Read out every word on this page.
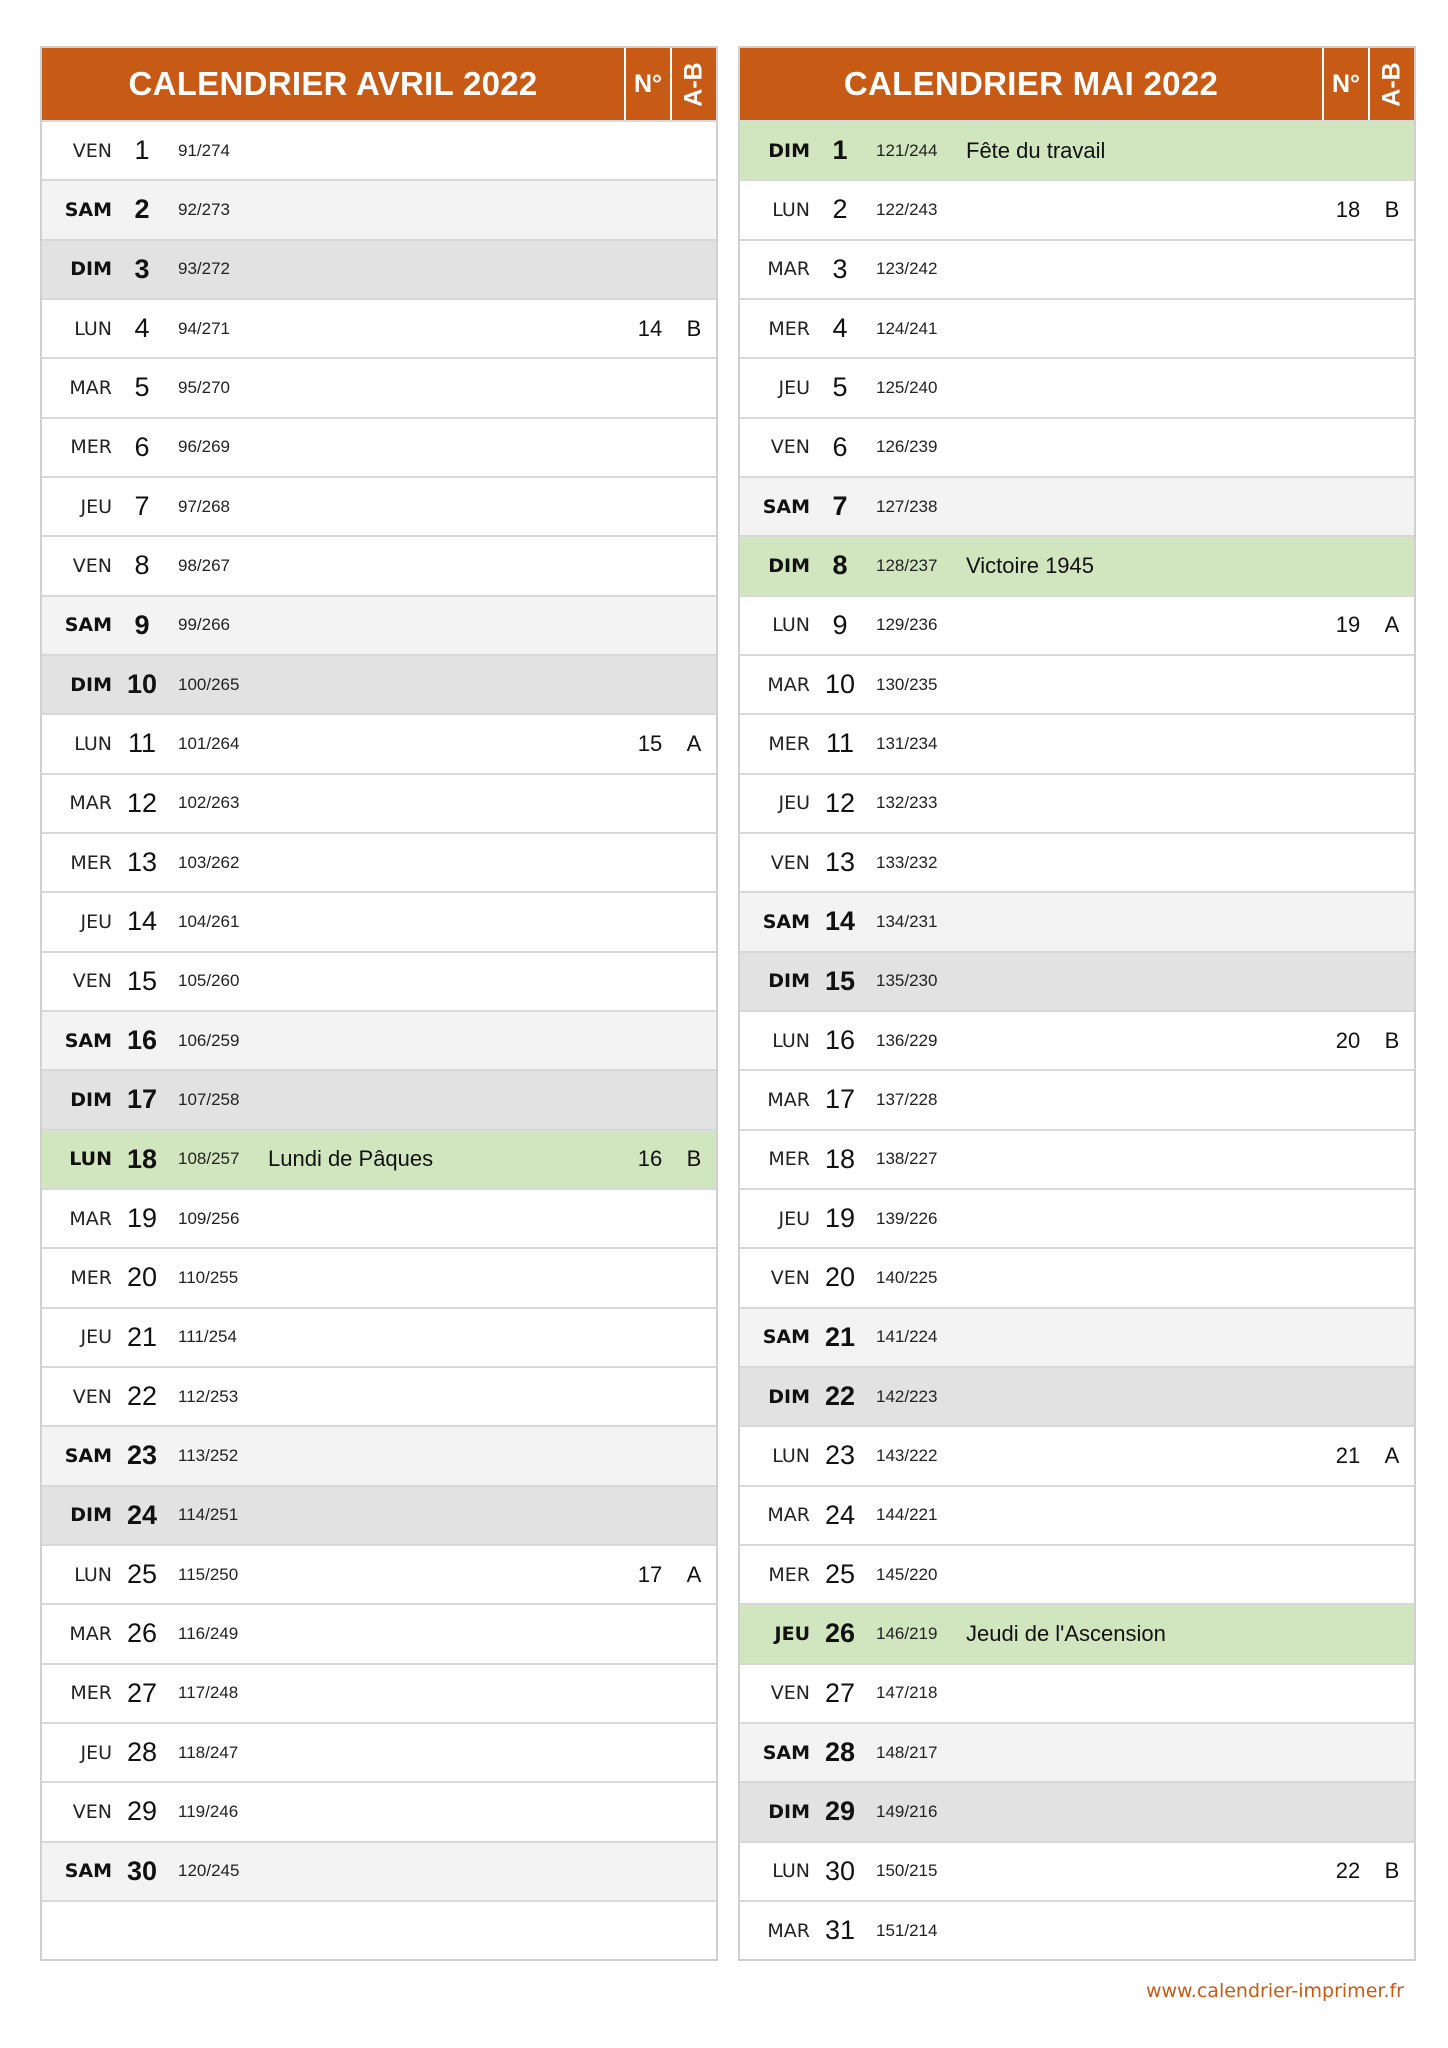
CALENDRIER AVRIL 2022	N° A-B
VEN 1	91/274
SAM 2	92/273
DIM 3	93/272
LUN 4	94/271	14	B
MAR 5	95/270
MER 6	96/269
JEU 7	97/268
VEN 8	98/267
SAM 9	99/266
DIM 10	100/265
LUN 11	101/264	15	A
MAR 12	102/263
MER 13	103/262
JEU 14	104/261
VEN 15	105/260
SAM 16	106/259
DIM 17	107/258
LUN 18	108/257	Lundi de Pâques	16	B
MAR 19	109/256
MER 20	110/255
JEU 21	111/254
VEN 22	112/253
SAM 23	113/252
DIM 24	114/251
LUN 25	115/250	17	A
MAR 26	116/249
MER 27	117/248
JEU 28	118/247
VEN 29	119/246
SAM 30	120/245
CALENDRIER MAI 2022	N° A-B
DIM 1	121/244	Fête du travail
LUN 2	122/243	18	B
MAR 3	123/242
MER 4	124/241
JEU 5	125/240
VEN 6	126/239
SAM 7	127/238
DIM 8	128/237	Victoire 1945
LUN 9	129/236	19	A
MAR 10	130/235
MER 11	131/234
JEU 12	132/233
VEN 13	133/232
SAM 14	134/231
DIM 15	135/230
LUN 16	136/229	20	B
MAR 17	137/228
MER 18	138/227
JEU 19	139/226
VEN 20	140/225
SAM 21	141/224
DIM 22	142/223
LUN 23	143/222	21	A
MAR 24	144/221
MER 25	145/220
JEU 26	146/219	Jeudi de l'Ascension
VEN 27	147/218
SAM 28	148/217
DIM 29	149/216
LUN 30	150/215	22	B
MAR 31	151/214
www.calendrier-imprimer.fr
